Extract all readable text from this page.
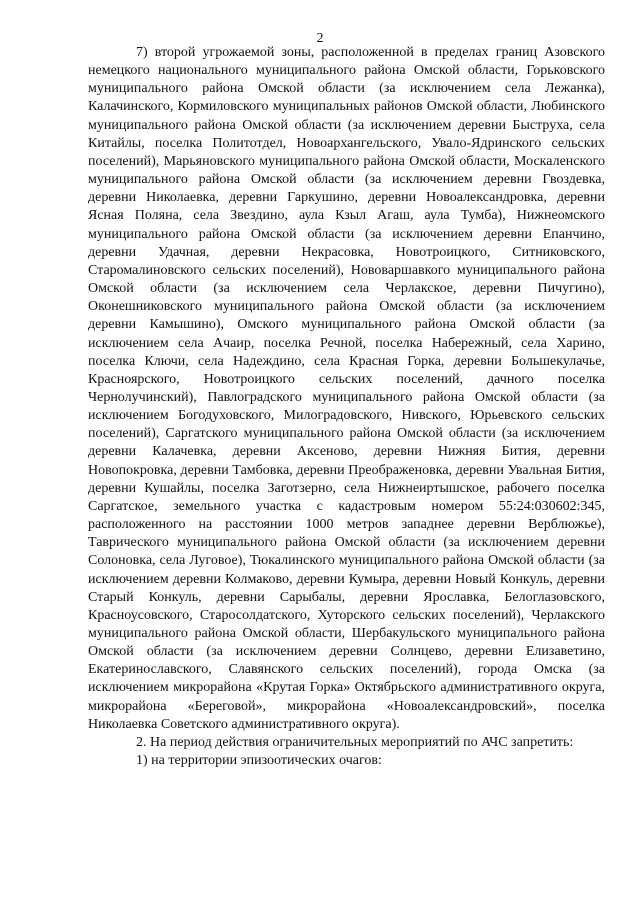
2

7) второй угрожаемой зоны, расположенной в пределах границ Азовского немецкого национального муниципального района Омской области, Горьковского муниципального района Омской области (за исключением села Лежанка), Калачинского, Кормиловского муниципальных районов Омской области, Любинского муниципального района Омской области (за исключением деревни Быструха, села Китайлы, поселка Политотдел, Новоархангельского, Увало-Ядринского сельских поселений), Марьяновского муниципального района Омской области, Москаленского муниципального района Омской области (за исключением деревни Гвоздевка, деревни Николаевка, деревни Гаркушино, деревни Новоалександровка, деревни Ясная Поляна, села Звездино, аула Кзыл Агаш, аула Тумба), Нижнеомского муниципального района Омской области (за исключением деревни Епанчино, деревни Удачная, деревни Некрасовка, Новотроицкого, Ситниковского, Старомалиновского сельских поселений), Нововаршавкого муниципального района Омской области (за исключением села Черлакское, деревни Пичугино), Оконешниковского муниципального района Омской области (за исключением деревни Камышино), Омского муниципального района Омской области (за исключением села Ачаир, поселка Речной, поселка Набережный, села Харино, поселка Ключи, села Надеждино, села Красная Горка, деревни Большекулачье, Красноярского, Новотроицкого сельских поселений, дачного поселка Чернолучинский), Павлоградского муниципального района Омской области (за исключением Богодуховского, Милоградовского, Нивского, Юрьевского сельских поселений), Саргатского муниципального района Омской области (за исключением деревни Калачевка, деревни Аксеново, деревни Нижняя Бития, деревни Новопокровка, деревни Тамбовка, деревни Преображеновка, деревни Увальная Бития, деревни Кушайлы, поселка Заготзерно, села Нижнеиртышское, рабочего поселка Саргатское, земельного участка с кадастровым номером 55:24:030602:345, расположенного на расстоянии 1000 метров западнее деревни Верблюжье), Таврического муниципального района Омской области (за исключением деревни Солоновка, села Луговое), Тюкалинского муниципального района Омской области (за исключением деревни Колмаково, деревни Кумыра, деревни Новый Конкуль, деревни Старый Конкуль, деревни Сарыбалы, деревни Ярославка, Белоглазовского, Красноусовского, Старосолдатского, Хуторского сельских поселений), Черлакского муниципального района Омской области, Шербакульского муниципального района Омской области (за исключением деревни Солнцево, деревни Елизаветино, Екатеринославского, Славянского сельских поселений), города Омска (за исключением микрорайона «Крутая Горка» Октябрьского административного округа, микрорайона «Береговой», микрорайона «Новоалександровский», поселка Николаевка Советского административного округа).

2. На период действия ограничительных мероприятий по АЧС запретить:

1) на территории эпизоотических очагов:
